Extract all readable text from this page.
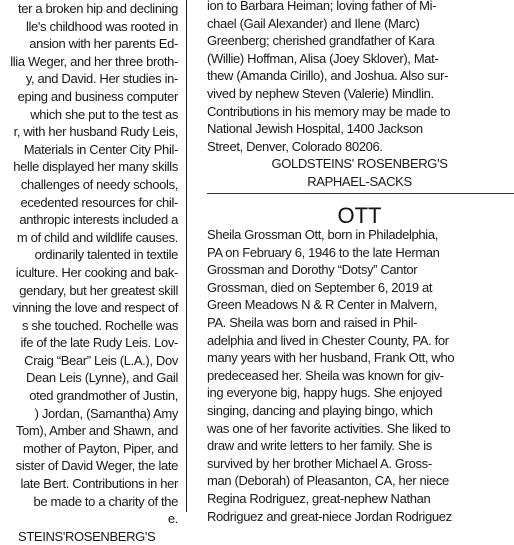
ter a broken hip and declining
lle's childhood was rooted in
ansion with her parents Ed-
llia Weger, and her three broth-
y, and David. Her studies in-
eping and business computer
which she put to the test as
r, with her husband Rudy Leis,
Materials in Center City Phil-
helle displayed her many skills
challenges of needy schools,
ecedented resources for chil-
anthropic interests included a
m of child and wildlife causes.
ordinarily talented in textile
iculture. Her cooking and bak-
gendary, but her greatest skill
vinning the love and respect of
s she touched. Rochelle was
ife of the late Rudy Leis. Lov-
Craig “Bear” Leis (L.A.), Dov
Dean Leis (Lynne), and Gail
oted grandmother of Justin,
) Jordan, (Samantha) Amy
Tom), Amber and Shawn, and
mother of Payton, Piper, and
sister of David Weger, the late
late Bert. Contributions in her
be made to a charity of the
e.
STEINS'ROSENBERG'S
ion to Barbara Heiman; loving father of Mi-
chael (Gail Alexander) and Ilene (Marc)
Greenberg; cherished grandfather of Kara
(Willie) Hoffman, Alisa (Joey Sklover), Mat-
thew (Amanda Cirillo), and Joshua. Also sur-
vived by nephew Steven (Valerie) Mindlin.
Contributions in his memory may be made to
National Jewish Hospital, 1400 Jackson
Street, Denver, Colorado 80206.
GOLDSTEINS' ROSENBERG'S
RAPHAEL-SACKS
Sheila Grossman Ott, born in Philadelphia,
PA on February 6, 1946 to the late Herman
Grossman and Dorothy “Dotsy” Cantor
Grossman, died on September 6, 2019 at
Green Meadows N & R Center in Malvern,
PA. Sheila was born and raised in Phil-
adelphia and lived in Chester County, PA. for
many years with her husband, Frank Ott, who
predeceased her. Sheila was known for giv-
ing everyone big, happy hugs. She enjoyed
singing, dancing and playing bingo, which
was one of her favorite activities. She liked to
draw and write letters to her family. She is
survived by her brother Michael A. Gross-
man (Deborah) of Pleasanton, CA, her niece
Regina Rodriguez, great-nephew Nathan
Rodriguez and great-niece Jordan Rodriguez
OTT
